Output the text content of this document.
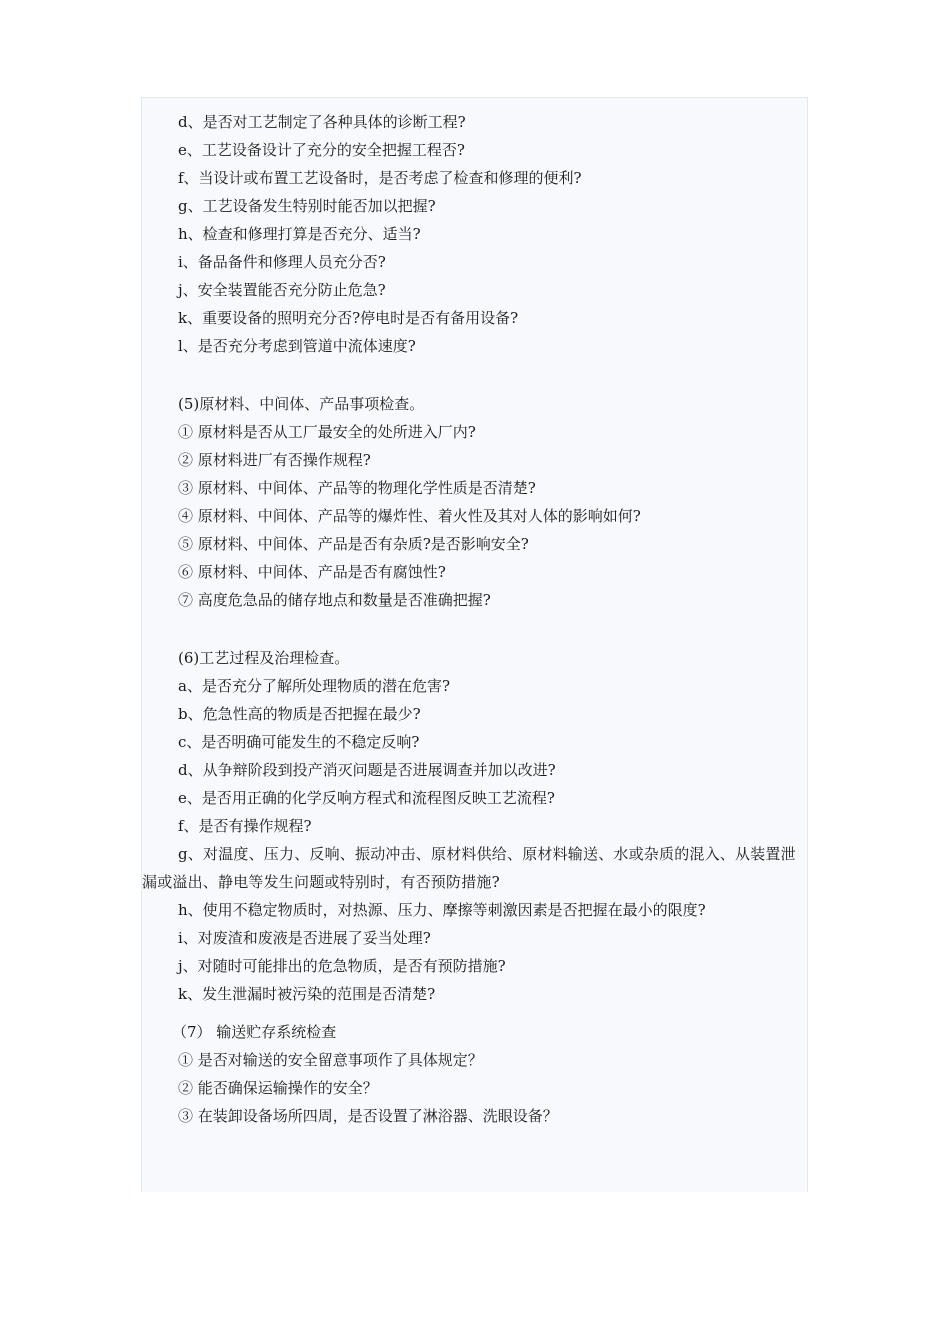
d、是否对工艺制定了各种具体的诊断工程?

e、工艺设备设计了充分的安全把握工程否?

f、当设计或布置工艺设备时，是否考虑了检查和修理的便利?

g、工艺设备发生特别时能否加以把握?

h、检查和修理打算是否充分、适当?

i、备品备件和修理人员充分否?

j、安全装置能否充分防止危急?

k、重要设备的照明充分否?停电时是否有备用设备?

l、是否充分考虑到管道中流体速度?

(5)原材料、中间体、产品事项检查。

① 原材料是否从工厂最安全的处所进入厂内?

② 原材料进厂有否操作规程?

③ 原材料、中间体、产品等的物理化学性质是否清楚?

④ 原材料、中间体、产品等的爆炸性、着火性及其对人体的影响如何?

⑤ 原材料、中间体、产品是否有杂质?是否影响安全?

⑥ 原材料、中间体、产品是否有腐蚀性?

⑦ 高度危急品的储存地点和数量是否准确把握?

(6)工艺过程及治理检查。

a、是否充分了解所处理物质的潜在危害?

b、危急性高的物质是否把握在最少?

c、是否明确可能发生的不稳定反响?

d、从争辩阶段到投产消灭问题是否进展调查并加以改进?

e、是否用正确的化学反响方程式和流程图反映工艺流程?

f、是否有操作规程?

g、对温度、压力、反响、振动冲击、原材料供给、原材料输送、水或杂质的混入、从装置泄漏或溢出、静电等发生问题或特别时，有否预防措施?

h、使用不稳定物质时，对热源、压力、摩擦等刺激因素是否把握在最小的限度?

i、对废渣和废液是否进展了妥当处理?

j、对随时可能排出的危急物质，是否有预防措施?

k、发生泄漏时被污染的范围是否清楚?

（7） 输送贮存系统检查

① 是否对输送的安全留意事项作了具体规定？

② 能否确保运输操作的安全？

③ 在装卸设备场所四周，是否设置了淋浴器、洗眼设备？
